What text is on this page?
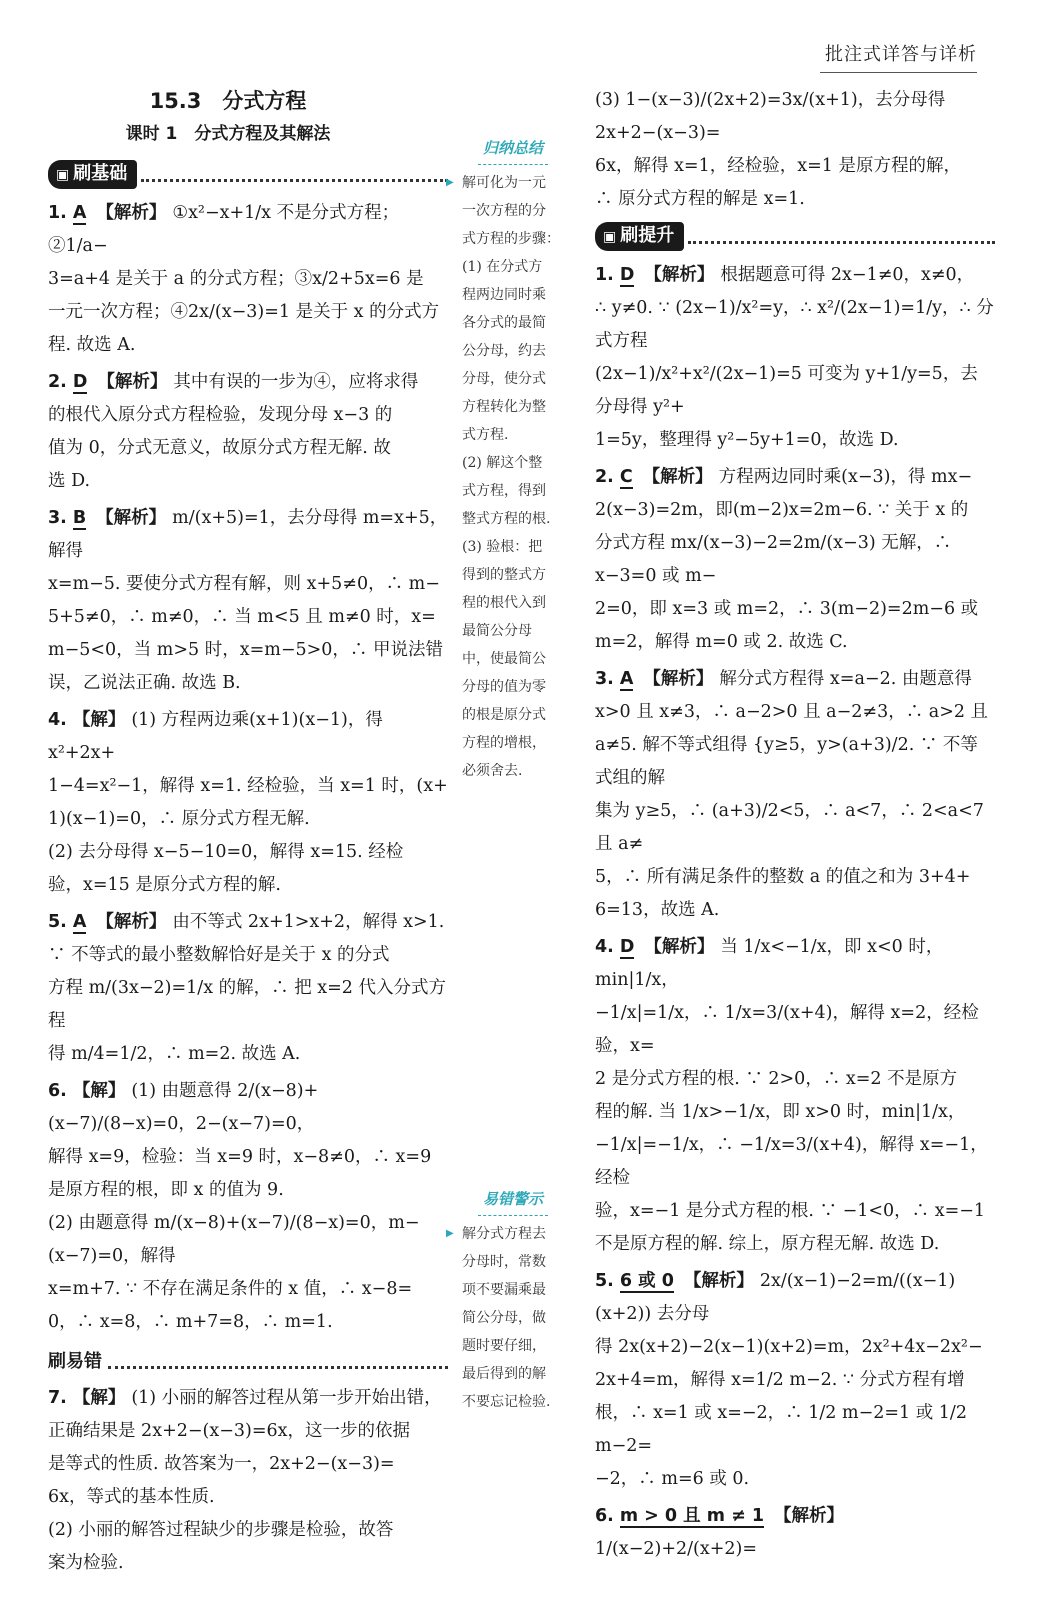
批注式详答与详析
15.3　分式方程
课时 1　分式方程及其解法
▣ 刷基础
1. A 【解析】 ①x²−x+1/x 不是分式方程；②1/a−
3=a+4 是关于 a 的分式方程；③x/2+5x=6 是
一元一次方程；④2x/(x−3)=1 是关于 x 的分式方
程. 故选 A.
2. D 【解析】 其中有误的一步为④，应将求得
的根代入原分式方程检验，发现分母 x−3 的
值为 0，分式无意义，故原分式方程无解. 故
选 D.
3. B 【解析】 m/(x+5)=1，去分母得 m=x+5，解得
x=m−5. 要使分式方程有解，则 x+5≠0，∴ m−
5+5≠0，∴ m≠0，∴ 当 m<5 且 m≠0 时，x=
m−5<0，当 m>5 时，x=m−5>0，∴ 甲说法错
误，乙说法正确. 故选 B.
4. 【解】 (1) 方程两边乘(x+1)(x−1)，得 x²+2x+
1−4=x²−1，解得 x=1. 经检验，当 x=1 时，(x+
1)(x−1)=0，∴ 原分式方程无解.
(2) 去分母得 x−5−10=0，解得 x=15. 经检
验，x=15 是原分式方程的解.
5. A 【解析】 由不等式 2x+1>x+2，解得 x>1.
∵ 不等式的最小整数解恰好是关于 x 的分式
方程 m/(3x−2)=1/x 的解，∴ 把 x=2 代入分式方程
得 m/4=1/2，∴ m=2. 故选 A.
6. 【解】 (1) 由题意得 2/(x−8)+(x−7)/(8−x)=0，2−(x−7)=0，
解得 x=9，检验：当 x=9 时，x−8≠0，∴ x=9
是原方程的根，即 x 的值为 9.
(2) 由题意得 m/(x−8)+(x−7)/(8−x)=0，m−(x−7)=0，解得
x=m+7. ∵ 不存在满足条件的 x 值，∴ x−8=
0，∴ x=8，∴ m+7=8，∴ m=1.
刷易错
7. 【解】 (1) 小丽的解答过程从第一步开始出错，
正确结果是 2x+2−(x−3)=6x，这一步的依据
是等式的性质. 故答案为一，2x+2−(x−3)=
6x，等式的基本性质.
(2) 小丽的解答过程缺少的步骤是检验，故答
案为检验.
归纳总结
▶ 解可化为一元
一次方程的分
式方程的步骤：
(1) 在分式方
程两边同时乘
各分式的最简
公分母，约去
分母，使分式
方程转化为整
式方程.
(2) 解这个整
式方程，得到
整式方程的根.
(3) 验根：把
得到的整式方
程的根代入到
最简公分母
中，使最简公
分母的值为零
的根是原分式
方程的增根，
必须舍去.
易错警示
▶ 解分式方程去
分母时，常数
项不要漏乘最
简公分母，做
题时要仔细，
最后得到的解
不要忘记检验.
(3) 1−(x−3)/(2x+2)=3x/(x+1)，去分母得 2x+2−(x−3)=
6x，解得 x=1，经检验，x=1 是原方程的解，
∴ 原分式方程的解是 x=1.
▣ 刷提升
1. D 【解析】 根据题意可得 2x−1≠0，x≠0，
∴ y≠0. ∵ (2x−1)/x²=y，∴ x²/(2x−1)=1/y，∴ 分式方程
(2x−1)/x²+x²/(2x−1)=5 可变为 y+1/y=5，去分母得 y²+
1=5y，整理得 y²−5y+1=0，故选 D.
2. C 【解析】 方程两边同时乘(x−3)，得 mx−
2(x−3)=2m，即(m−2)x=2m−6. ∵ 关于 x 的
分式方程 mx/(x−3)−2=2m/(x−3) 无解，∴ x−3=0 或 m−
2=0，即 x=3 或 m=2，∴ 3(m−2)=2m−6 或
m=2，解得 m=0 或 2. 故选 C.
3. A 【解析】 解分式方程得 x=a−2. 由题意得
x>0 且 x≠3，∴ a−2>0 且 a−2≠3，∴ a>2 且
a≠5. 解不等式组得 {y≥5，y>(a+3)/2. ∵ 不等式组的解
集为 y≥5，∴ (a+3)/2<5，∴ a<7，∴ 2<a<7 且 a≠
5，∴ 所有满足条件的整数 a 的值之和为 3+4+
6=13，故选 A.
4. D 【解析】 当 1/x<−1/x，即 x<0 时，min|1/x，
−1/x|=1/x，∴ 1/x=3/(x+4)，解得 x=2，经检验，x=
2 是分式方程的根. ∵ 2>0，∴ x=2 不是原方
程的解. 当 1/x>−1/x，即 x>0 时，min|1/x，
−1/x|=−1/x，∴ −1/x=3/(x+4)，解得 x=−1，经检
验，x=−1 是分式方程的根. ∵ −1<0，∴ x=−1
不是原方程的解. 综上，原方程无解. 故选 D.
5. 6 或 0 【解析】 2x/(x−1)−2=m/((x−1)(x+2)) 去分母
得 2x(x+2)−2(x−1)(x+2)=m，2x²+4x−2x²−
2x+4=m，解得 x=1/2 m−2. ∵ 分式方程有增
根，∴ x=1 或 x=−2，∴ 1/2 m−2=1 或 1/2 m−2=
−2，∴ m=6 或 0.
6. m > 0 且 m ≠ 1 【解析】1/(x−2)+2/(x+2)=
